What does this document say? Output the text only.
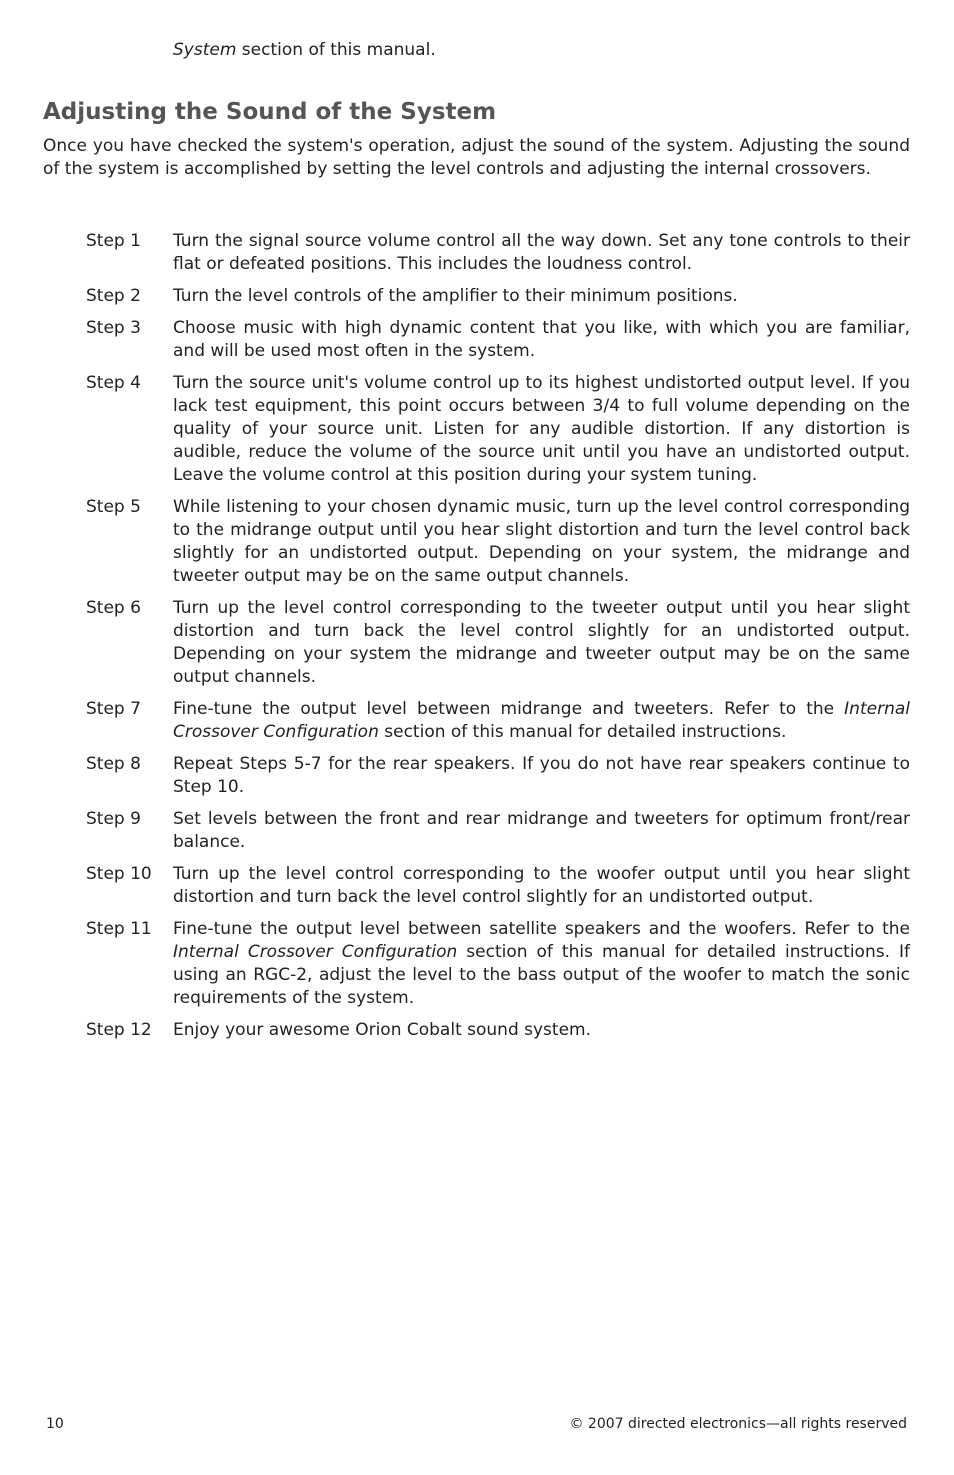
System section of this manual.
Adjusting the Sound of the System

Once you have checked the system's operation, adjust the sound of the system. Adjusting the sound of the system is accomplished by setting the level controls and adjusting the internal crossovers.

Step 1 Turn the signal source volume control all the way down. Set any tone controls to their flat or defeated positions. This includes the loudness control.
Step 2 Turn the level controls of the amplifier to their minimum positions.
Step 3 Choose music with high dynamic content that you like, with which you are familiar, and will be used most often in the system.
Step 4 Turn the source unit's volume control up to its highest undistorted output level. If you lack test equipment, this point occurs between 3/4 to full volume depending on the quality of your source unit. Listen for any audible distortion. If any distortion is audible, reduce the volume of the source unit until you have an undistorted output. Leave the volume control at this position during your system tuning.
Step 5 While listening to your chosen dynamic music, turn up the level control corresponding to the midrange output until you hear slight distortion and turn the level control back slightly for an undistorted output. Depending on your system, the midrange and tweeter output may be on the same output channels.
Step 6 Turn up the level control corresponding to the tweeter output until you hear slight distortion and turn back the level control slightly for an undistorted output. Depending on your system the midrange and tweeter output may be on the same output channels.
Step 7 Fine-tune the output level between midrange and tweeters. Refer to the Internal Crossover Configuration section of this manual for detailed instructions.
Step 8 Repeat Steps 5-7 for the rear speakers. If you do not have rear speakers continue to Step 10.
Step 9 Set levels between the front and rear midrange and tweeters for optimum front/rear balance.
Step 10 Turn up the level control corresponding to the woofer output until you hear slight distortion and turn back the level control slightly for an undistorted output.
Step 11 Fine-tune the output level between satellite speakers and the woofers. Refer to the Internal Crossover Configuration section of this manual for detailed instructions. If using an RGC-2, adjust the level to the bass output of the woofer to match the sonic requirements of the system.
Step 12 Enjoy your awesome Orion Cobalt sound system.
10	© 2007 directed electronics—all rights reserved
